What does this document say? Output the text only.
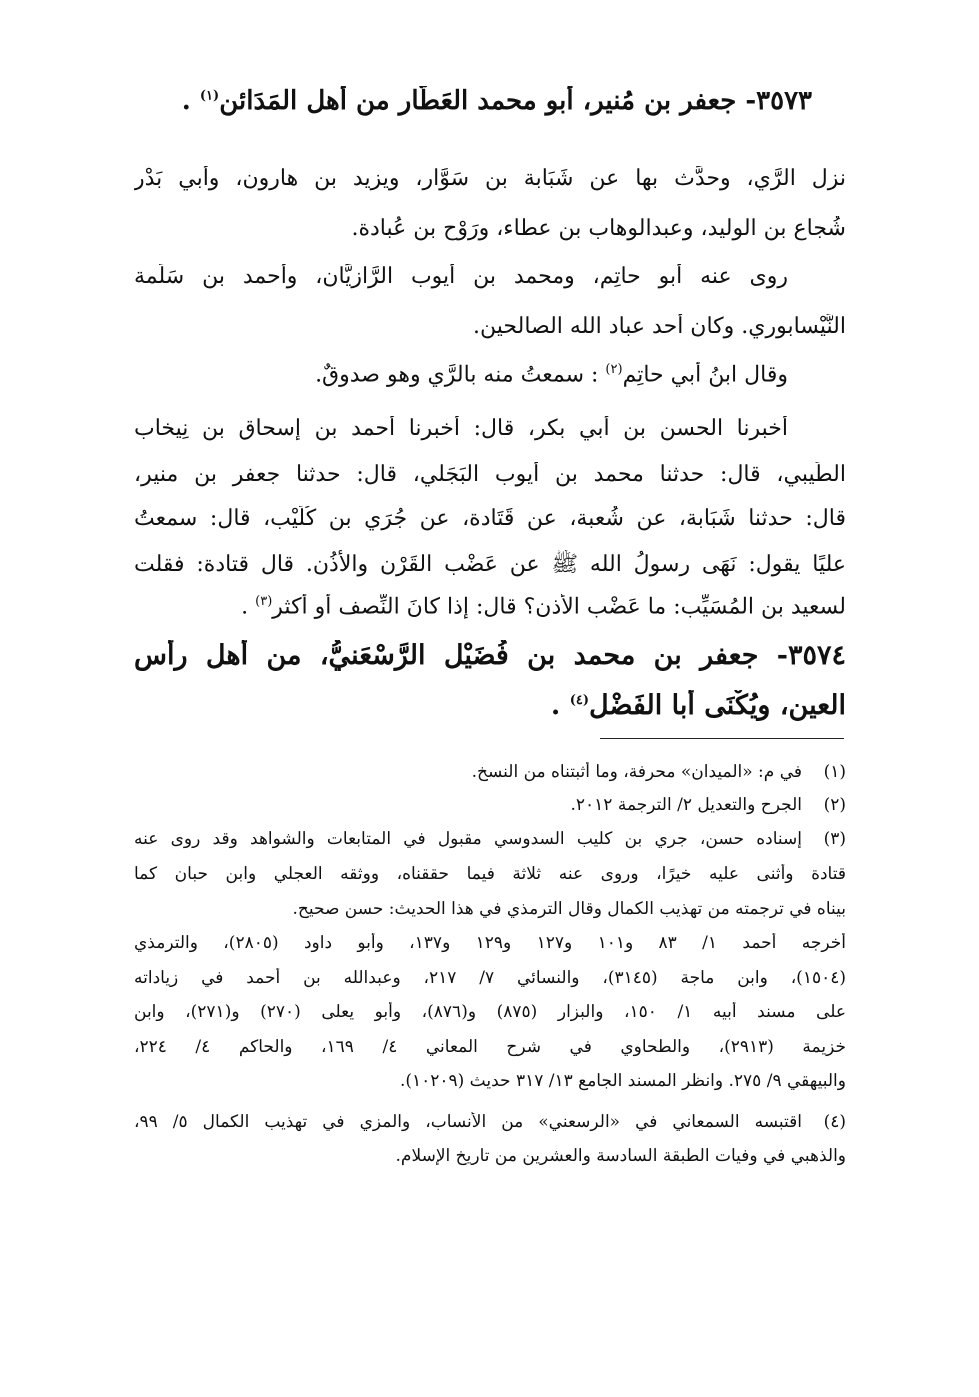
٣٥٧٣- جعفر بن مُنير، أبو محمد العَطَّار من أهل المَدَائن$^{(١)}$ .
نزل الرَّي، وحدَّث بها عن شَبَابة بن سَوَّار، ويزيد بن هارون، وأبي بَدْر
شُجاع بن الوليد، وعبدالوهاب بن عطاء، ورَوْح بن عُبادة.
روى عنه أبو حاتِم، ومحمد بن أيوب الرَّازِيَّان، وأحمد بن سَلَمة
النَّيْسابوري. وكان أحد عباد الله الصالحين.
وقال ابنُ أبي حاتِم$^{(٢)}$ : سمعتُ منه بالرَّي وهو صدوقٌ.
أخبرنا الحسن بن أبي بكر، قال: أخبرنا أحمد بن إسحاق بن نِيخاب
الطِّيبي، قال: حدثنا محمد بن أيوب البَجَلي، قال: حدثنا جعفر بن منير،
قال: حدثنا شَبَابة، عن شُعبة، عن قَتَادة، عن جُرَي بن كُلَيْب، قال: سمعتُ
عليًا يقول: نَهَى رسولُ الله ﷺ عن عَضْب القَرْن والأُذُن. قال قتادة: فقلت
لسعيد بن المُسَيِّب: ما عَضْب الأذن؟ قال: إذا كانَ النِّصف أو أكثر$^{(٣)}$ .
٣٥٧٤- جعفر بن محمد بن فُضَيْل الرَّسْعَنيُّ، من أهل رأس
العين، ويُكْنَى أبا الفَضْل$^{(٤)}$ .
(١)في م: «الميدان» محرفة، وما أثبتناه من النسخ.
(٢)الجرح والتعديل ٢/ الترجمة ٢٠١٢.
(٣)إسناده حسن، جري بن كليب السدوسي مقبول في المتابعات والشواهد وقد روى عنه
قتادة وأثنى عليه خيرًا، وروى عنه ثلاثة فيما حققناه، ووثقه العجلي وابن حبان كما
بيناه في ترجمته من تهذيب الكمال وقال الترمذي في هذا الحديث: حسن صحيح.
أخرجه أحمد ١/ ٨٣ و١٠١ و١٢٧ و١٢٩ و١٣٧، وأبو داود (٢٨٠٥)، والترمذي
(١٥٠٤)، وابن ماجة (٣١٤٥)، والنسائي ٧/ ٢١٧، وعبدالله بن أحمد في زياداته
على مسند أبيه ١/ ١٥٠، والبزار (٨٧٥) و(٨٧٦)، وأبو يعلى (٢٧٠) و(٢٧١)، وابن
خزيمة (٢٩١٣)، والطحاوي في شرح المعاني ٤/ ١٦٩، والحاكم ٤/ ٢٢٤،
والبيهقي ٩/ ٢٧٥. وانظر المسند الجامع ١٣/ ٣١٧ حديث (١٠٢٠٩).
(٤)اقتبسه السمعاني في «الرسعني» من الأنساب، والمزي في تهذيب الكمال ٥/ ٩٩،
والذهبي في وفيات الطبقة السادسة والعشرين من تاريخ الإسلام.
